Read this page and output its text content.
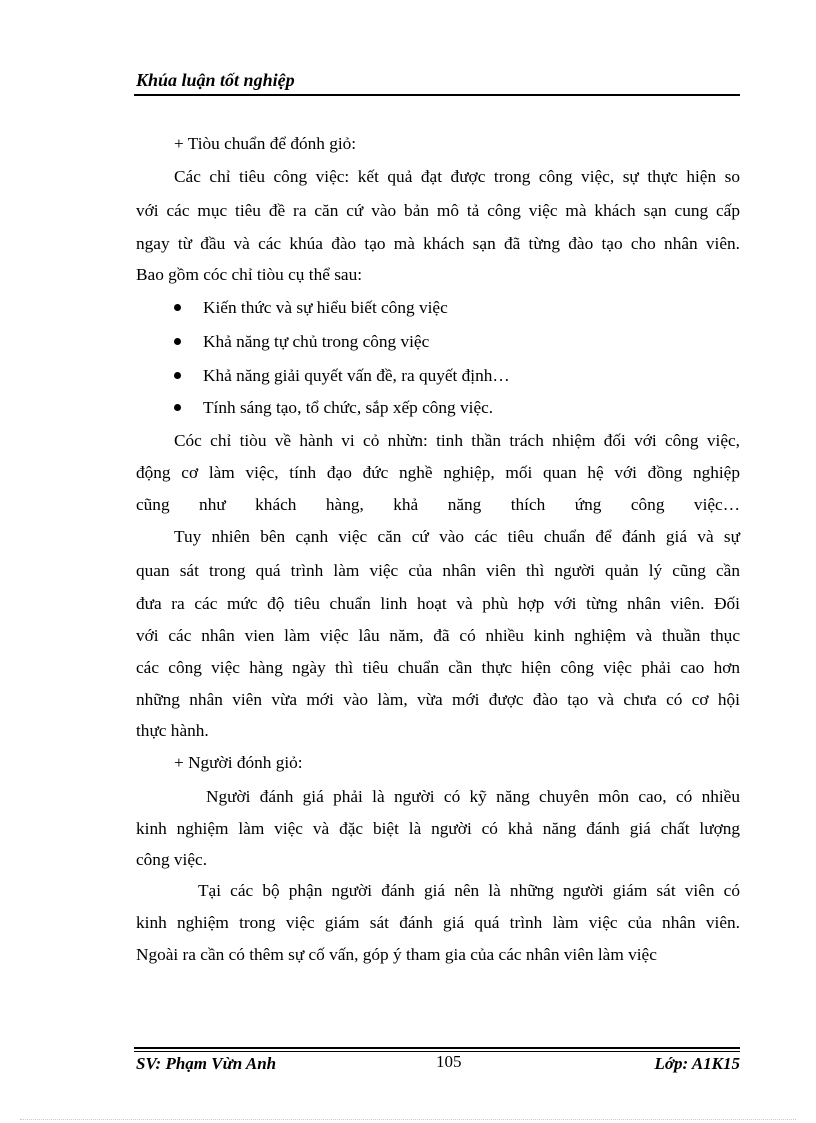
Khúa luận tốt nghiệp
+ Tiòu chuẩn để đónh giỏ:
Các chỉ tiêu công việc: kết quả đạt được trong công việc, sự thực hiện so
với các mục tiêu đề ra căn cứ vào bản mô tả công việc mà khách sạn cung cấp
ngay từ đầu và các khúa đào tạo mà khách sạn đã từng đào tạo cho nhân viên.
Bao gồm cóc chỉ tiòu cụ thể sau:
Kiến thức và sự hiểu biết công việc
Khả năng tự chủ trong công việc
Khả năng giải quyết vấn đề, ra quyết định…
Tính sáng tạo, tổ chức, sắp xếp công việc.
Cóc chỉ tiòu về hành vi cỏ nhừn: tinh thần trách nhiệm đối với công việc,
động cơ làm việc, tính đạo đức nghề nghiệp, mối quan hệ với đồng nghiệp
cũng như khách hàng, khả năng thích ứng công việc…
Tuy nhiên bên cạnh việc căn cứ vào các tiêu chuẩn để đánh giá và sự
quan sát trong quá trình làm việc của nhân viên thì người quản lý cũng cần
đưa ra các mức độ tiêu chuẩn linh hoạt và phù hợp với từng nhân viên. Đối
với các nhân vien làm việc lâu năm, đã có nhiều kinh nghiệm và thuần thục
các công việc hàng ngày thì tiêu chuẩn cần thực hiện công việc phải cao hơn
những nhân viên vừa mới vào làm, vừa mới được đào tạo và chưa có cơ hội
thực hành.
+ Người đónh giỏ:
Người đánh giá phải là người có kỹ năng chuyên môn cao, có nhiều
kinh nghiệm làm việc và đặc biệt là người có khả năng đánh giá chất lượng
công việc.
Tại các bộ phận người đánh giá nên là những người giám sát viên có
kinh nghiệm trong việc giám sát đánh giá quá trình làm việc của nhân viên.
Ngoài ra cần có thêm sự cố vấn, góp ý tham gia của các nhân viên làm việc
SV: Phạm Vừn Anh	105	Lớp: A1K15
